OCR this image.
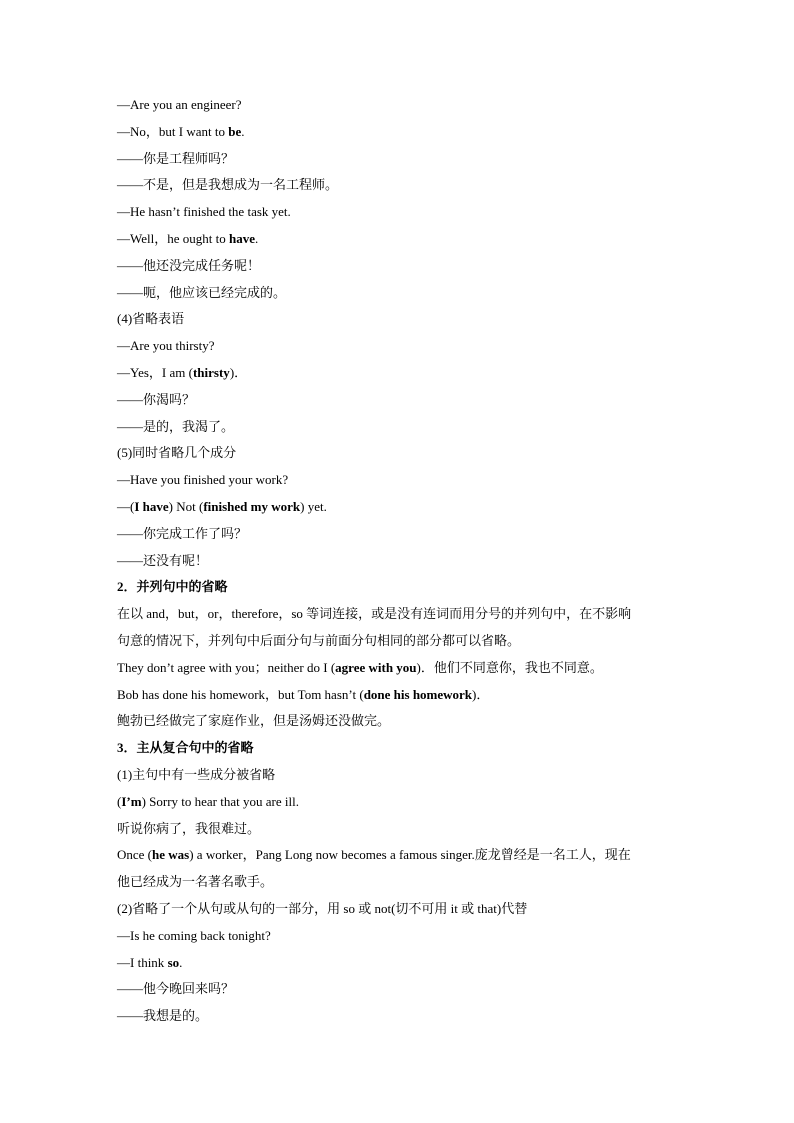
—Are you an engineer?
—No，but I want to be.
——你是工程师吗？
——不是，但是我想成为一名工程师。
—He hasn’t finished the task yet.
—Well，he ought to have.
——他还没完成任务呢！
——呃，他应该已经完成的。
(4)省略表语
—Are you thirsty?
—Yes，I am (thirsty)．
——你渴吗？
——是的，我渴了。
(5)同时省略几个成分
—Have you finished your work?
—(I have) Not (finished my work) yet.
——你完成工作了吗？
——还没有呢！
2．并列句中的省略
在以 and，but，or，therefore，so 等词连接，或是没有连词而用分号的并列句中，在不影响
句意的情况下，并列句中后面分句与前面分句相同的部分都可以省略。
They don’t agree with you；neither do I (agree with you)．他们不同意你，我也不同意。
Bob has done his homework，but Tom hasn’t (done his homework)．
鲍勃已经做完了家庭作业，但是汤姆还没做完。
3．主从复合句中的省略
(1)主句中有一些成分被省略
(I’m) Sorry to hear that you are ill.
听说你病了，我很难过。
Once (he was) a worker，Pang Long now becomes a famous singer.庞龙曾经是一名工人，现在
他已经成为一名著名歌手。
(2)省略了一个从句或从句的一部分，用 so 或 not(切不可用 it 或 that)代替
—Is he coming back tonight?
—I think so.
——他今晚回来吗？
——我想是的。
